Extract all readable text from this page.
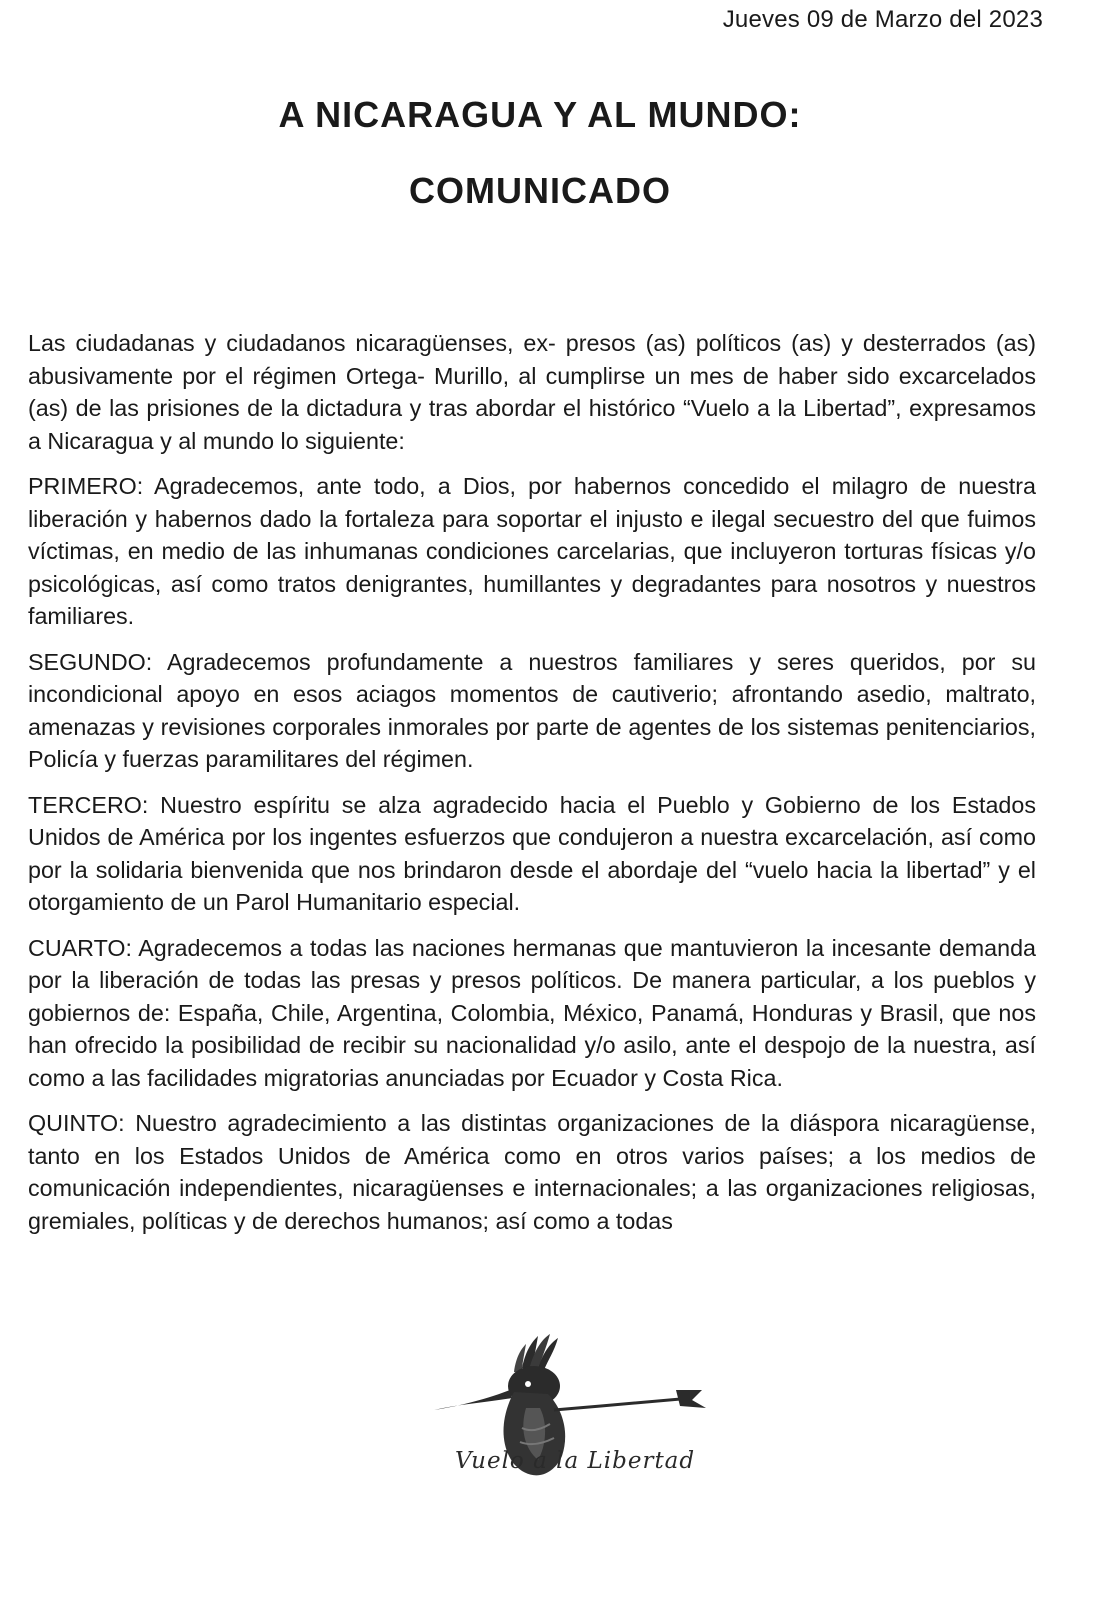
Jueves 09 de Marzo del 2023
A NICARAGUA Y AL MUNDO:
COMUNICADO

Las ciudadanas y ciudadanos nicaragüenses, ex- presos (as) políticos (as) y desterrados (as) abusivamente por el régimen Ortega- Murillo, al cumplirse un mes de haber sido excarcelados (as) de las prisiones de la dictadura y tras abordar el histórico “Vuelo a la Libertad”, expresamos a Nicaragua y al mundo lo siguiente:

PRIMERO: Agradecemos, ante todo, a Dios, por habernos concedido el milagro de nuestra liberación y habernos dado la fortaleza para soportar el injusto e ilegal secuestro del que fuimos víctimas, en medio de las inhumanas condiciones carcelarias, que incluyeron torturas físicas y/o psicológicas, así como tratos denigrantes, humillantes y degradantes para nosotros y nuestros familiares.

SEGUNDO: Agradecemos profundamente a nuestros familiares y seres queridos, por su incondicional apoyo en esos aciagos momentos de cautiverio; afrontando asedio, maltrato, amenazas y revisiones corporales inmorales por parte de agentes de los sistemas penitenciarios, Policía y fuerzas paramilitares del régimen.

TERCERO: Nuestro espíritu se alza agradecido hacia el Pueblo y Gobierno de los Estados Unidos de América por los ingentes esfuerzos que condujeron a nuestra excarcelación, así como por la solidaria bienvenida que nos brindaron desde el abordaje del “vuelo hacia la libertad” y el otorgamiento de un Parol Humanitario especial.

CUARTO: Agradecemos a todas las naciones hermanas que mantuvieron la incesante demanda por la liberación de todas las presas y presos políticos. De manera particular, a los pueblos y gobiernos de: España, Chile, Argentina, Colombia, México, Panamá, Honduras y Brasil, que nos han ofrecido la posibilidad de recibir su nacionalidad y/o asilo, ante el despojo de la nuestra, así como a las facilidades migratorias anunciadas por Ecuador y Costa Rica.

QUINTO: Nuestro agradecimiento a las distintas organizaciones de la diáspora nicaragüense, tanto en los Estados Unidos de América como en otros varios países; a los medios de comunicación independientes, nicaragüenses e internacionales; a las organizaciones religiosas, gremiales, políticas y de derechos humanos; así como a todas

Vuelo a la Libertad
